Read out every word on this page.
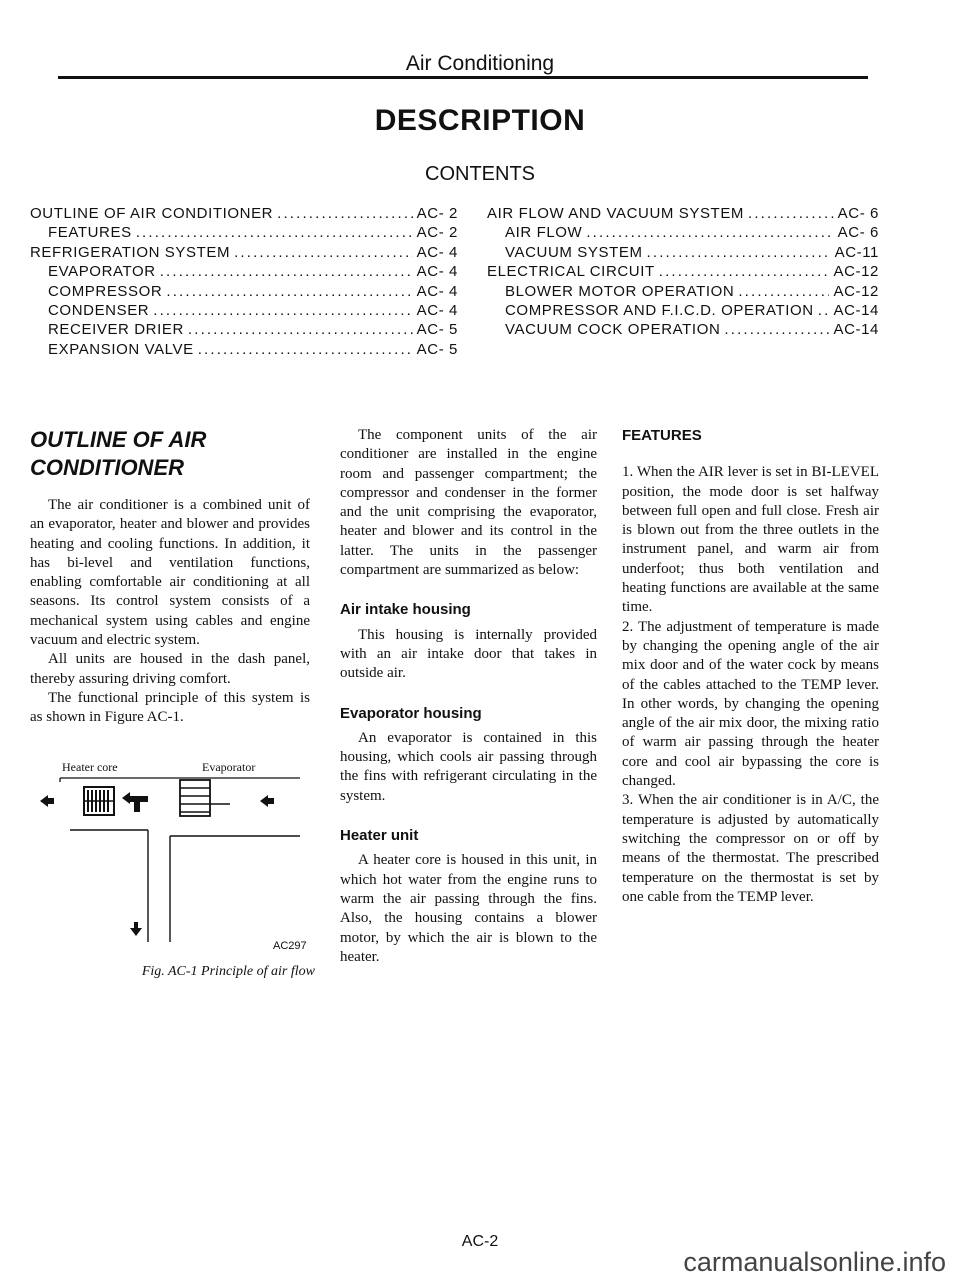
Air Conditioning
DESCRIPTION
CONTENTS
OUTLINE OF AIR CONDITIONER . . .	AC- 2
FEATURES . . .	AC- 2
REFRIGERATION SYSTEM . . .	AC- 4
EVAPORATOR . . .	AC- 4
COMPRESSOR . . .	AC- 4
CONDENSER . . .	AC- 4
RECEIVER DRIER . . .	AC- 5
EXPANSION VALVE . . .	AC- 5
AIR FLOW AND VACUUM SYSTEM . . .	AC- 6
AIR FLOW . . .	AC- 6
VACUUM SYSTEM . . .	AC-11
ELECTRICAL CIRCUIT . . .	AC-12
BLOWER MOTOR OPERATION . . .	AC-12
COMPRESSOR AND F.I.C.D. OPERATION . . . AC-14
VACUUM COCK OPERATION . . .	AC-14
OUTLINE OF AIR
CONDITIONER

The air conditioner is a combined unit of an evaporator, heater and blower and provides heating and cooling functions. In addition, it has bi-level and ventilation functions, enabling comfortable air conditioning at all seasons. Its control system consists of a mechanical system using cables and engine vacuum and electric system.

All units are housed in the dash panel, thereby assuring driving comfort.

The functional principle of this system is as shown in Figure AC-1.

Heater core	Evaporator
AC297
Fig. AC-1 Principle of air flow

The component units of the air conditioner are installed in the engine room and passenger compartment; the compressor and condenser in the former and the unit comprising the evaporator, heater and blower and its control in the latter. The units in the passenger compartment are summarized as below:

Air intake housing

This housing is internally provided with an air intake door that takes in outside air.

Evaporator housing

An evaporator is contained in this housing, which cools air passing through the fins with refrigerant circulating in the system.

Heater unit

A heater core is housed in this unit, in which hot water from the engine runs to warm the air passing through the fins. Also, the housing contains a blower motor, by which the air is blown to the heater.

FEATURES

1. When the AIR lever is set in BI-LEVEL position, the mode door is set halfway between full open and full close. Fresh air is blown out from the three outlets in the instrument panel, and warm air from underfoot; thus both ventilation and heating functions are available at the same time.

2. The adjustment of temperature is made by changing the opening angle of the air mix door and of the water cock by means of the cables attached to the TEMP lever. In other words, by changing the opening angle of the air mix door, the mixing ratio of warm air passing through the heater core and cool air bypassing the core is changed.

3. When the air conditioner is in A/C, the temperature is adjusted by automatically switching the compressor on or off by means of the thermostat. The prescribed temperature on the thermostat is set by one cable from the TEMP lever.

AC-2
carmanualsonline.info
